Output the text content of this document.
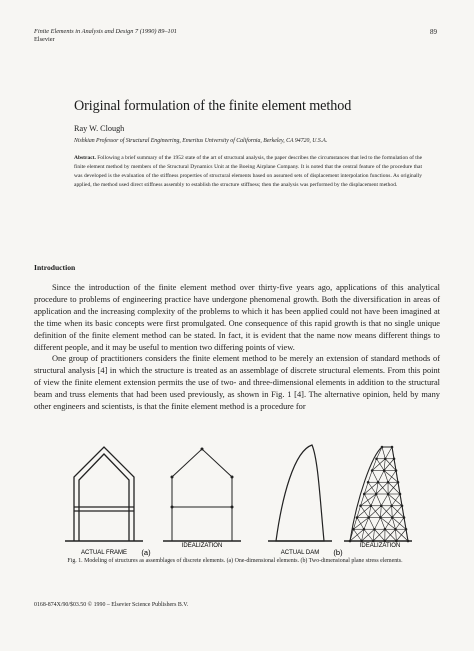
Finite Elements in Analysis and Design 7 (1990) 89–101
Elsevier
89
Original formulation of the finite element method
Ray W. Clough
Nishkian Professor of Structural Engineering, Emeritus University of California, Berkeley, CA 94720, U.S.A.
Abstract. Following a brief summary of the 1952 state of the art of structural analysis, the paper describes the circumstances that led to the formulation of the finite element method by members of the Structural Dynamics Unit at the Boeing Airplane Company. It is noted that the central feature of the procedure that was developed is the evaluation of the stiffness properties of structural elements based on assumed sets of displacement interpolation functions. As originally applied, the method used direct stiffness assembly to establish the structure stiffness; then the analysis was performed by the displacement method.
Introduction

Since the introduction of the finite element method over thirty-five years ago, applications of this analytical procedure to problems of engineering practice have undergone phenomenal growth. Both the diversification in areas of application and the increasing complexity of the problems to which it has been applied could not have been imagined at the time when its basic concepts were first promulgated. One consequence of this rapid growth is that no single unique definition of the finite element method can be stated. In fact, it is evident that the name now means different things to different people, and it may be useful to mention two differing points of view.

One group of practitioners considers the finite element method to be merely an extension of standard methods of structural analysis [4] in which the structure is treated as an assemblage of discrete structural elements. From this point of view the finite element extension permits the use of two- and three-dimensional elements in addition to the structural beam and truss elements that had been used previously, as shown in Fig. 1 [4]. The alternative opinion, held by many other engineers and scientists, is that the finite element method is a procedure for

ACTUAL FRAME
IDEALIZATION
(a)	ACTUAL DAM
IDEALIZATION
(b)
Fig. 1. Modeling of structures as assemblages of discrete elements. (a) One-dimensional elements. (b) Two-dimensional plane stress elements.
0168-874X/90/$03.50 © 1990 – Elsevier Science Publishers B.V.
